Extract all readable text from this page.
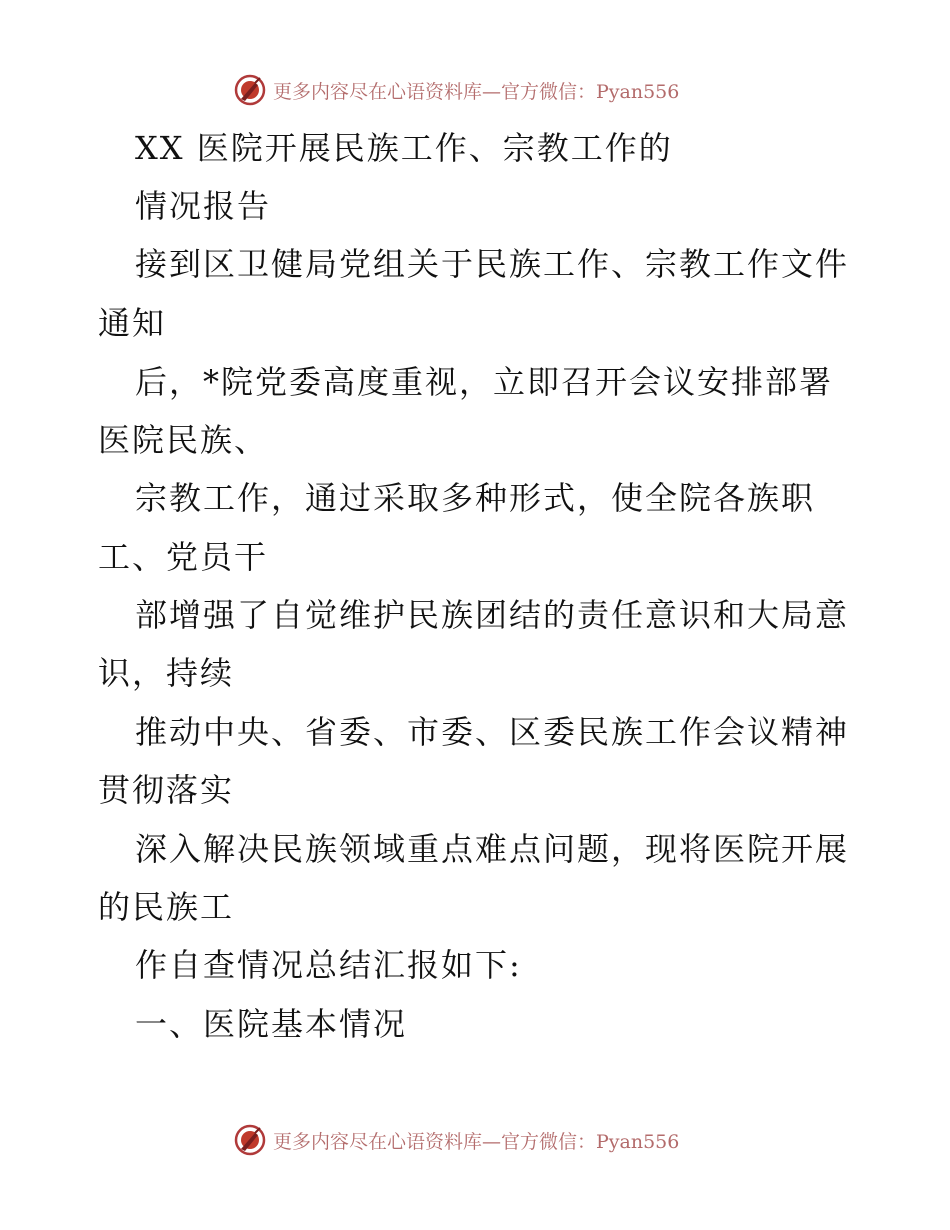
更多内容尽在心语资料库—官方微信：Pyan556
XX 医院开展民族工作、宗教工作的
情况报告
接到区卫健局党组关于民族工作、宗教工作文件
通知
后，*院党委高度重视，立即召开会议安排部署
医院民族、
宗教工作，通过采取多种形式，使全院各族职
工、党员干
部增强了自觉维护民族团结的责任意识和大局意
识，持续
推动中央、省委、市委、区委民族工作会议精神
贯彻落实
深入解决民族领域重点难点问题，现将医院开展
的民族工
作自查情况总结汇报如下:
一、医院基本情况
更多内容尽在心语资料库—官方微信：Pyan556
